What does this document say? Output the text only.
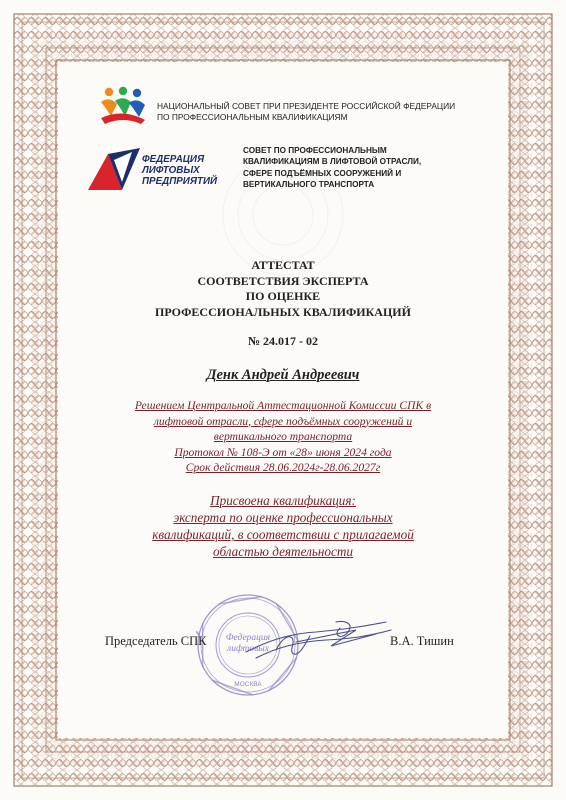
НАЦИОНАЛЬНЫЙ СОВЕТ ПРИ ПРЕЗИДЕНТЕ РОССИЙСКОЙ ФЕДЕРАЦИИ
ПО ПРОФЕССИОНАЛЬНЫМ КВАЛИФИКАЦИЯМ
ФЕДЕРАЦИЯ
ЛИФТОВЫХ
ПРЕДПРИЯТИЙ
СОВЕТ ПО ПРОФЕССИОНАЛЬНЫМ
КВАЛИФИКАЦИЯМ В ЛИФТОВОЙ ОТРАСЛИ,
СФЕРЕ ПОДЪЁМНЫХ СООРУЖЕНИЙ И
ВЕРТИКАЛЬНОГО ТРАНСПОРТА
АТТЕСТАТ
СООТВЕТСТВИЯ ЭКСПЕРТА
ПО ОЦЕНКЕ
ПРОФЕССИОНАЛЬНЫХ КВАЛИФИКАЦИЙ
№ 24.017 - 02
Денк Андрей Андреевич
Решением Центральной Аттестационной Комиссии СПК в
лифтовой отрасли, сфере подъёмных сооружений и
вертикального транспорта
Протокол № 108-Э от «28» июня 2024 года
Срок действия 28.06.2024г-28.06.2027г
Присвоена квалификация:
эксперта по оценке профессиональных
квалификаций, в соответствии с прилагаемой
областью деятельности
Федерация
лифтовых
МОСКВА
Председатель СПК	В.А. Тишин
